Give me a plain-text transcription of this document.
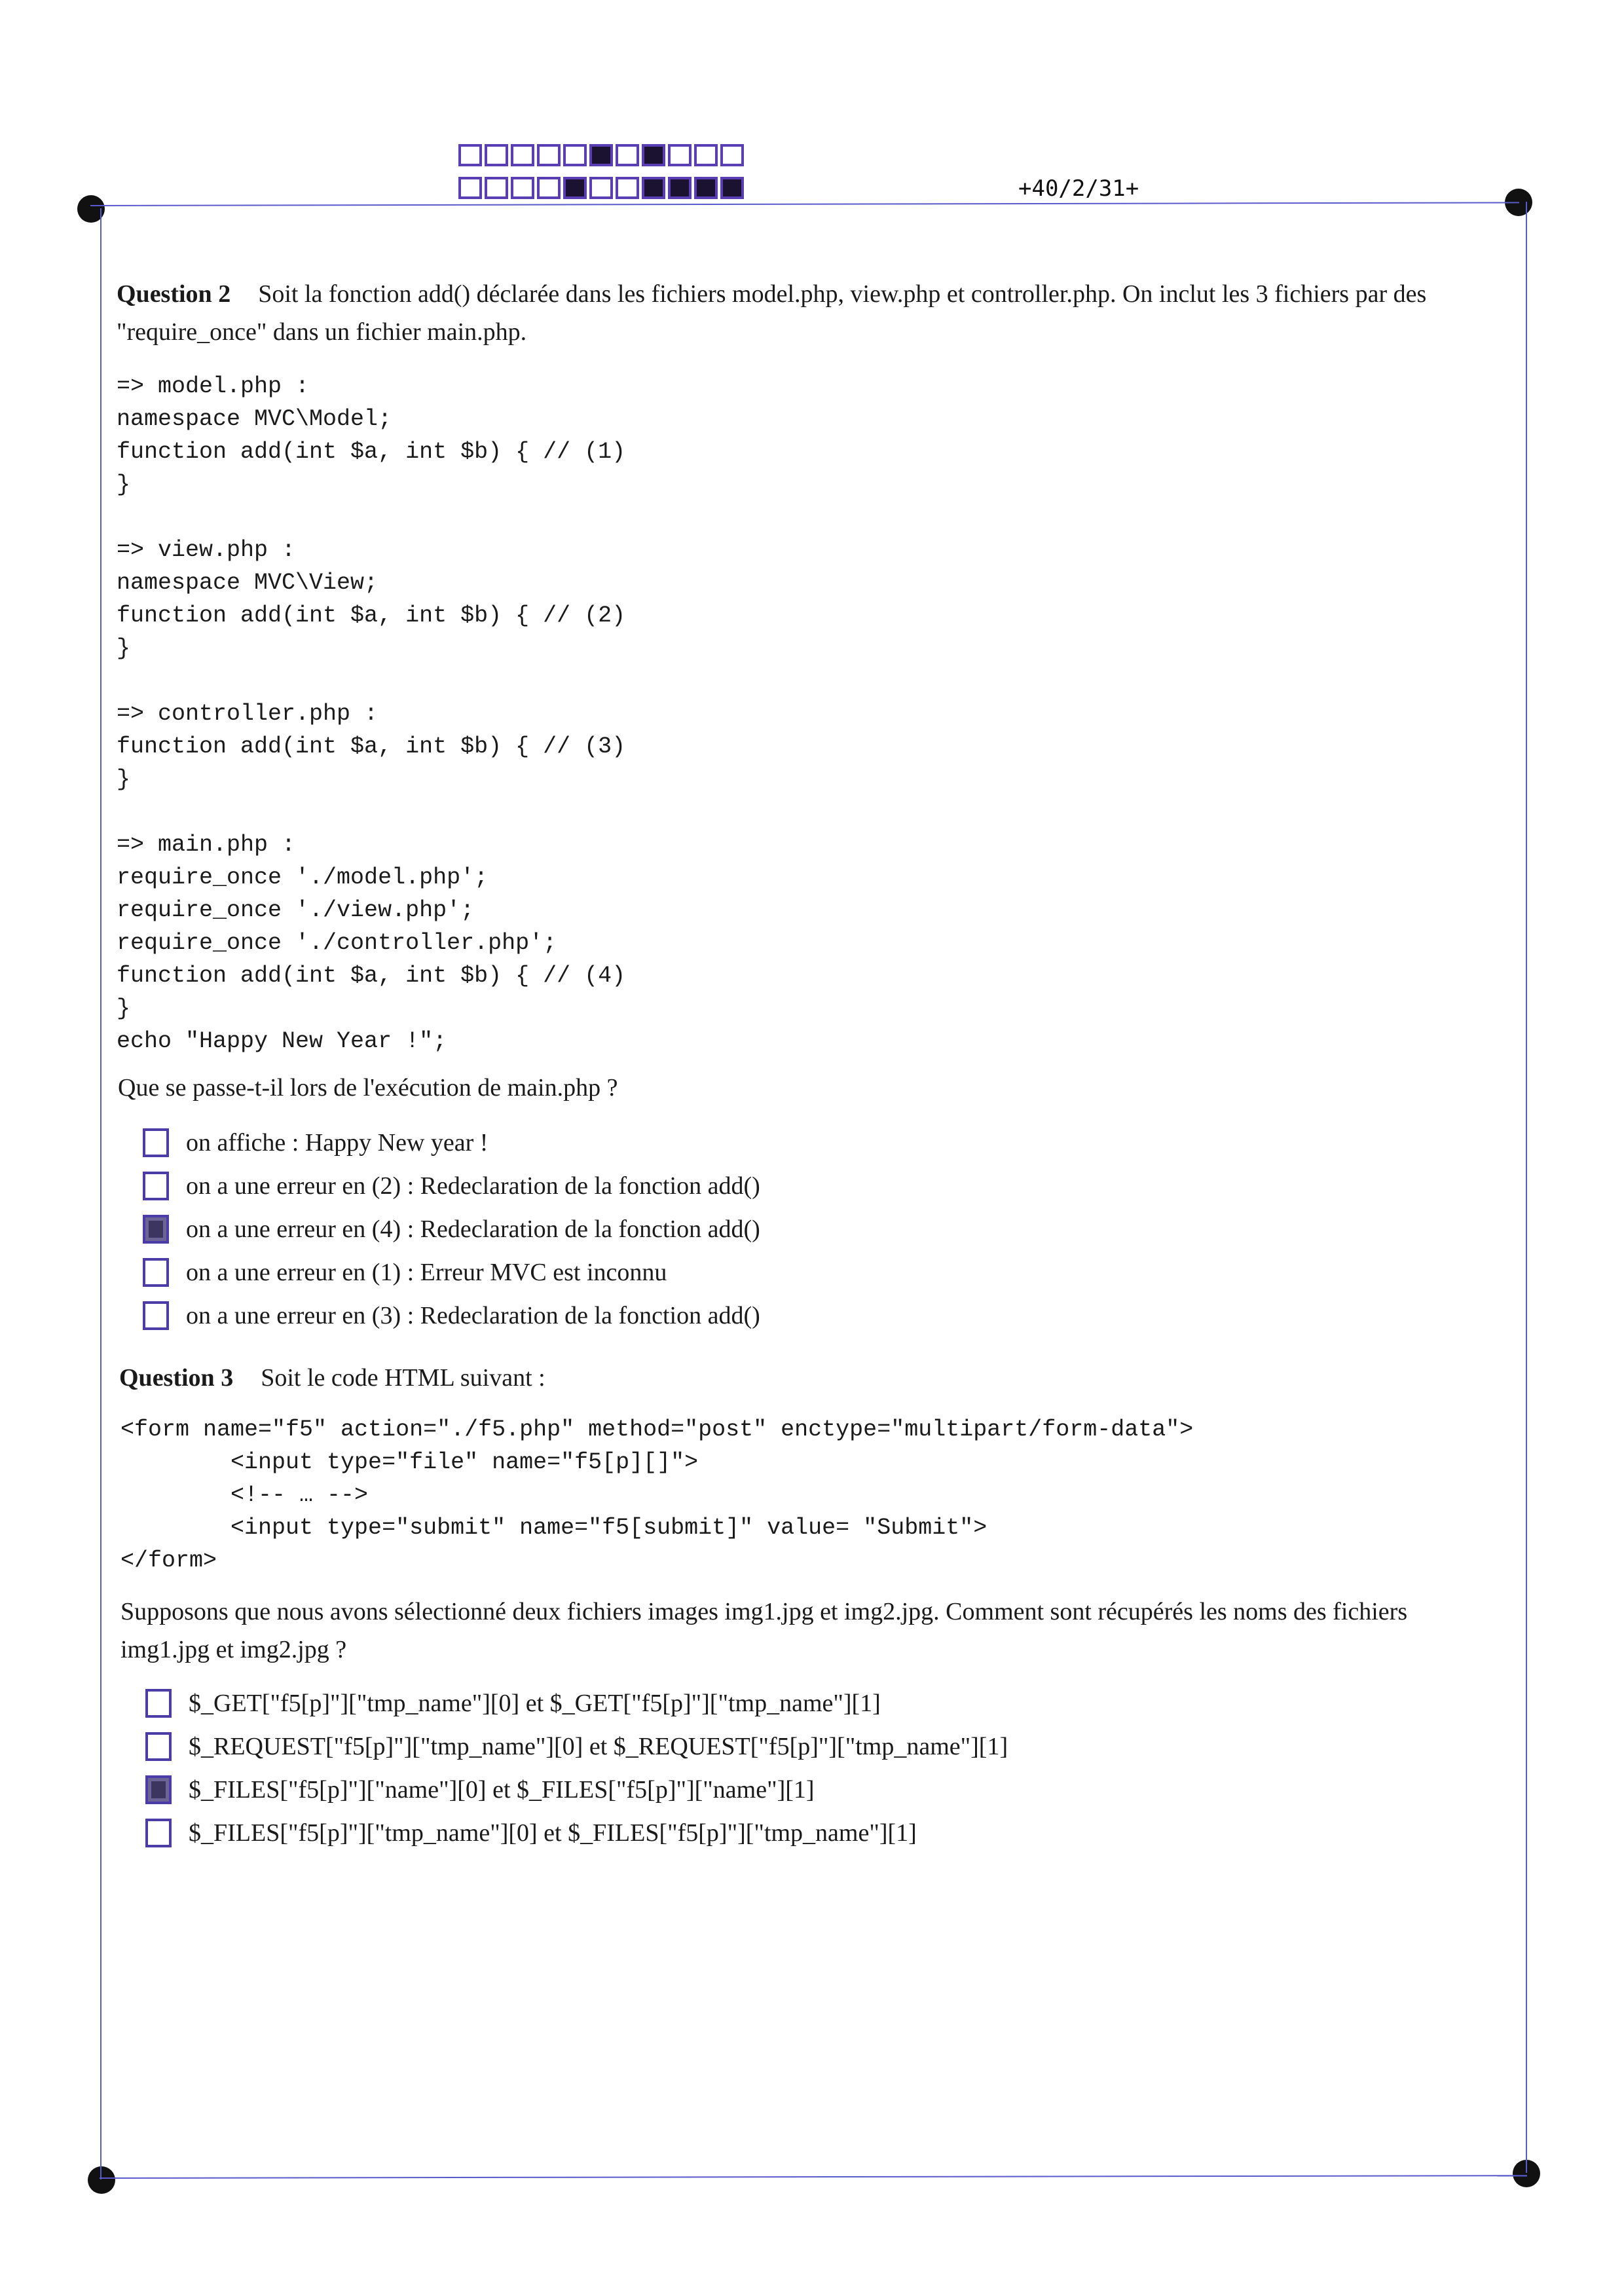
+40/2/31+
Question 2 Soit la fonction add() déclarée dans les fichiers model.php, view.php et controller.php. On inclut les 3 fichiers par des "require_once" dans un fichier main.php.
=> model.php :
namespace MVC\Model;
function add(int $a, int $b) { // (1)
}

=> view.php :
namespace MVC\View;
function add(int $a, int $b) { // (2)
}

=> controller.php :
function add(int $a, int $b) { // (3)
}

=> main.php :
require_once './model.php';
require_once './view.php';
require_once './controller.php';
function add(int $a, int $b) { // (4)
}
echo "Happy New Year !";
Que se passe-t-il lors de l'exécution de main.php ?
on affiche : Happy New year !
on a une erreur en (2) : Redeclaration de la fonction add()
on a une erreur en (4) : Redeclaration de la fonction add()
on a une erreur en (1) : Erreur MVC est inconnu
on a une erreur en (3) : Redeclaration de la fonction add()
Question 3 Soit le code HTML suivant :
<form name="f5" action="./f5.php" method="post" enctype="multipart/form-data">
<input type="file" name="f5[p][]">
<!-- … -->
<input type="submit" name="f5[submit]" value= "Submit">
</form>
Supposons que nous avons sélectionné deux fichiers images img1.jpg et img2.jpg. Comment sont récupérés les noms des fichiers img1.jpg et img2.jpg ?
$_GET["f5[p]"]["tmp_name"][0] et $_GET["f5[p]"]["tmp_name"][1]
$_REQUEST["f5[p]"]["tmp_name"][0] et $_REQUEST["f5[p]"]["tmp_name"][1]
$_FILES["f5[p]"]["name"][0] et $_FILES["f5[p]"]["name"][1]
$_FILES["f5[p]"]["tmp_name"][0] et $_FILES["f5[p]"]["tmp_name"][1]
